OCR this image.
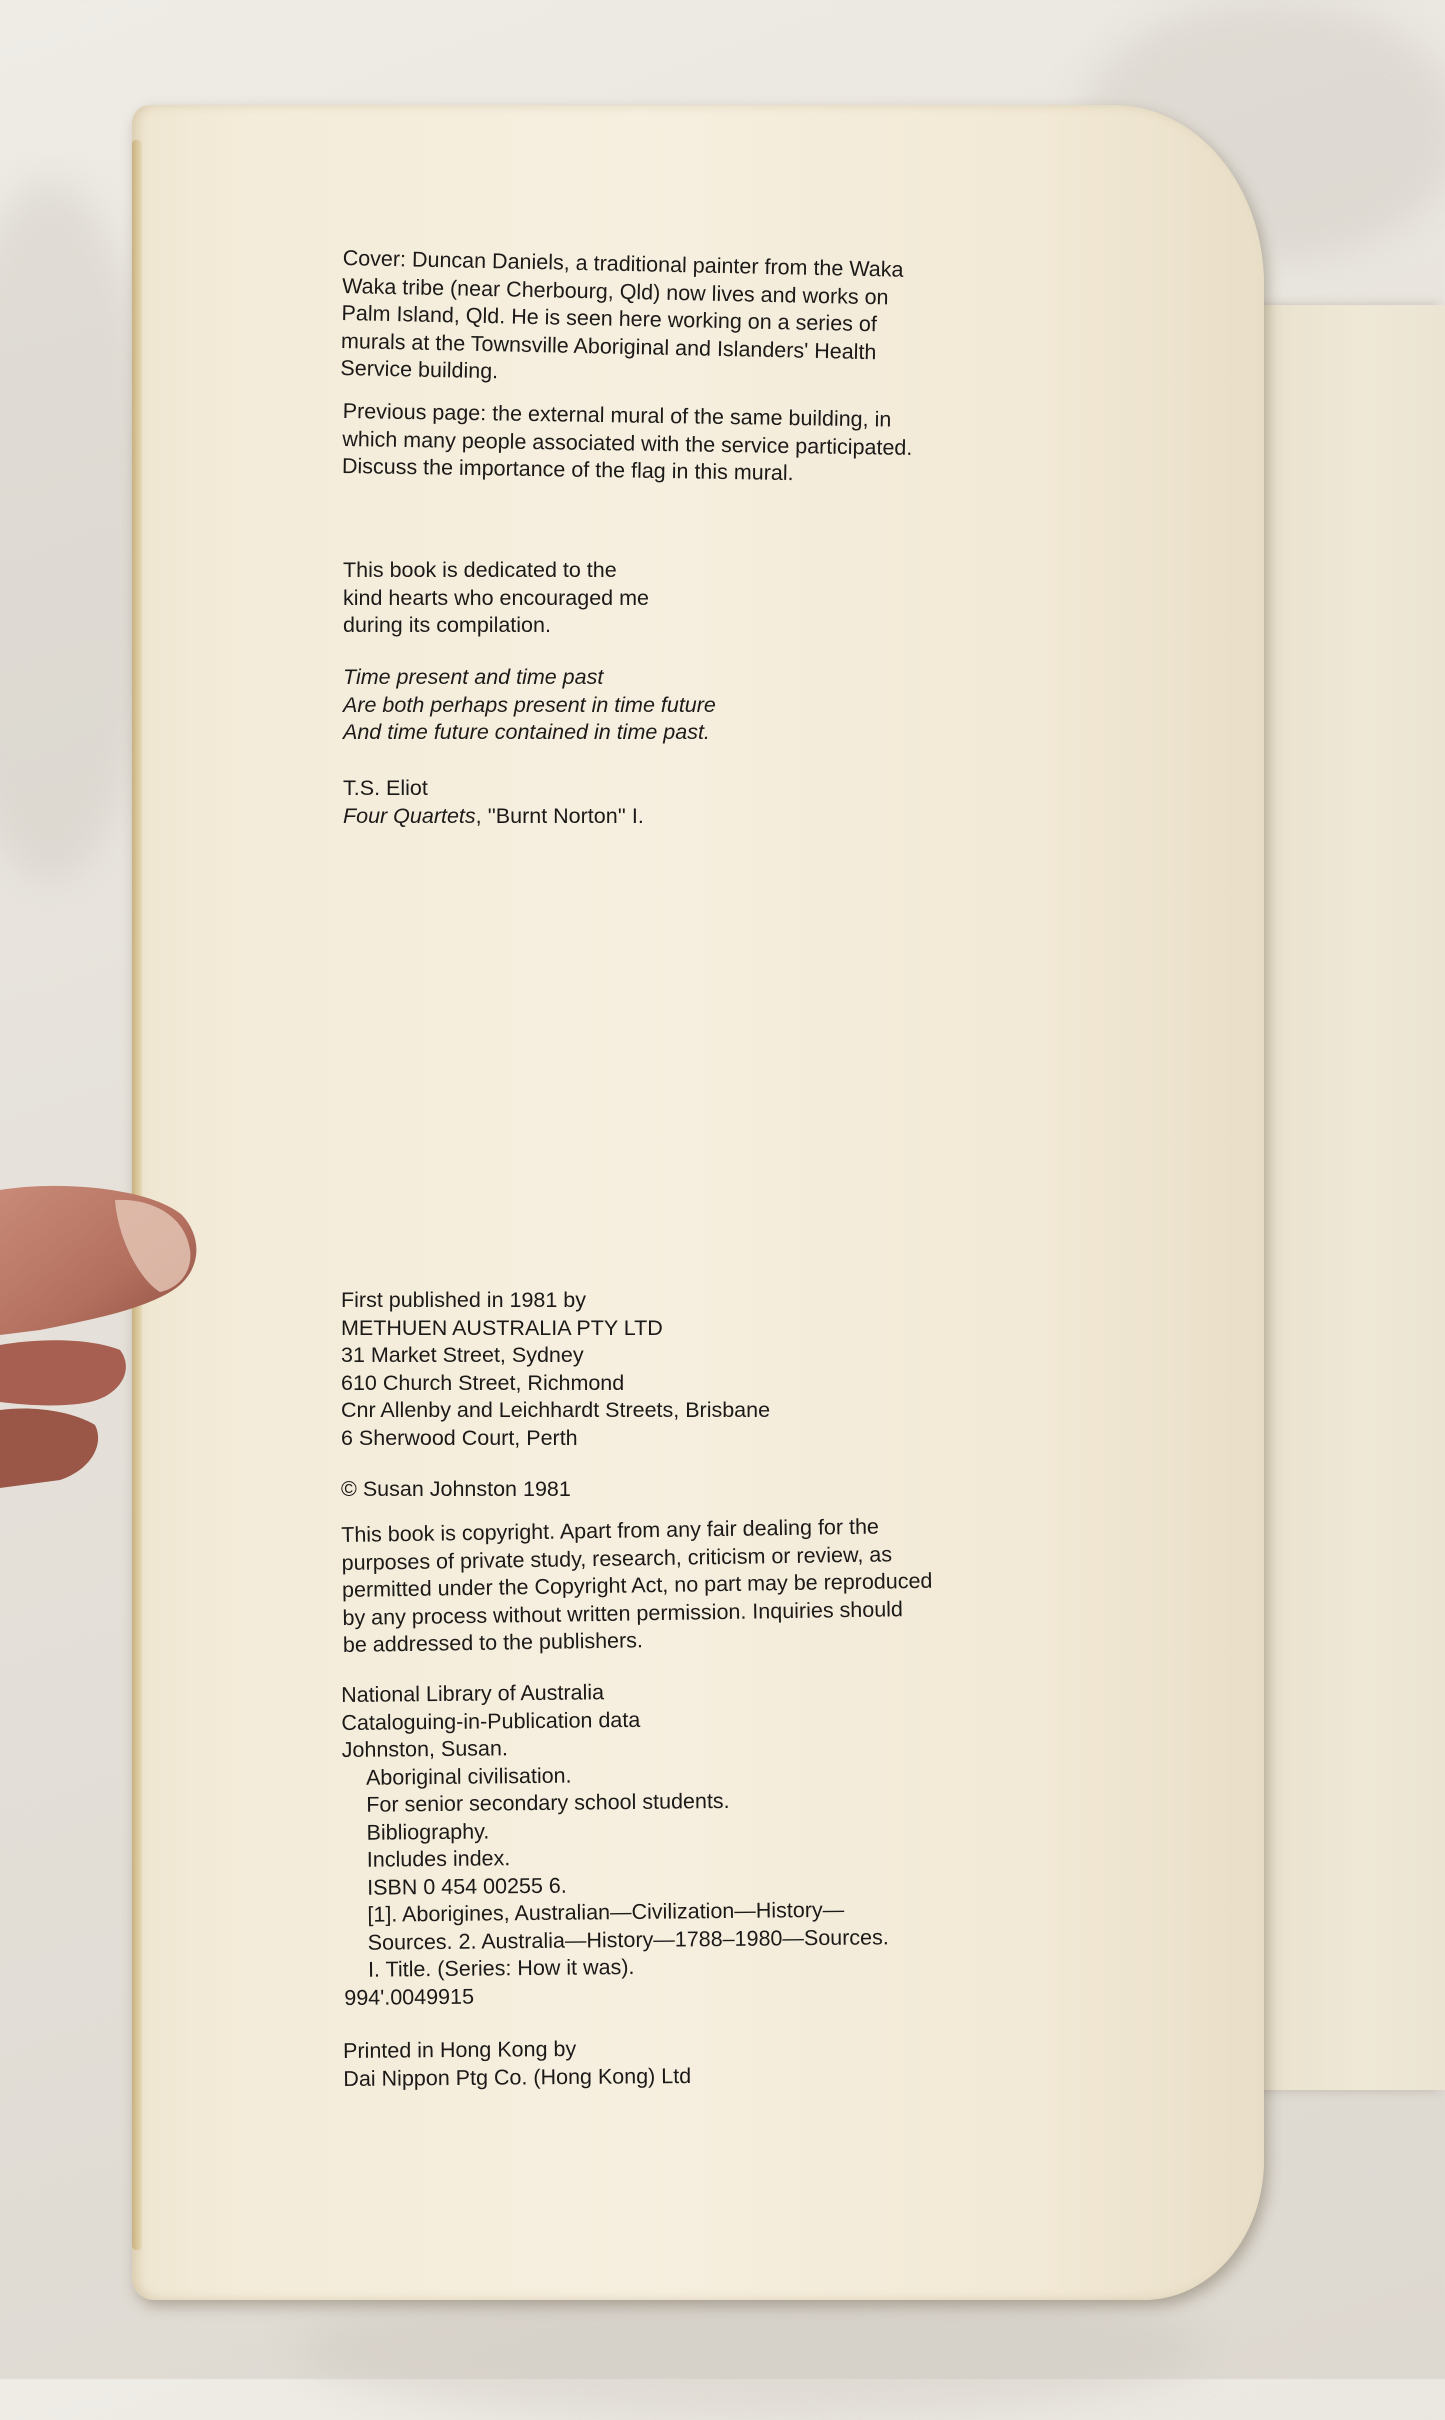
Cover: Duncan Daniels, a traditional painter from the Waka
Waka tribe (near Cherbourg, Qld) now lives and works on
Palm Island, Qld. He is seen here working on a series of
murals at the Townsville Aboriginal and Islanders' Health
Service building.
Previous page: the external mural of the same building, in
which many people associated with the service participated.
Discuss the importance of the flag in this mural.
This book is dedicated to the
kind hearts who encouraged me
during its compilation.
Time present and time past
Are both perhaps present in time future
And time future contained in time past.
T.S. Eliot
Four Quartets, ''Burnt Norton'' I.
First published in 1981 by
METHUEN AUSTRALIA PTY LTD
31 Market Street, Sydney
610 Church Street, Richmond
Cnr Allenby and Leichhardt Streets, Brisbane
6 Sherwood Court, Perth
© Susan Johnston 1981
This book is copyright. Apart from any fair dealing for the
purposes of private study, research, criticism or review, as
permitted under the Copyright Act, no part may be reproduced
by any process without written permission. Inquiries should
be addressed to the publishers.
National Library of Australia
Cataloguing-in-Publication data
Johnston, Susan.
Aboriginal civilisation.
For senior secondary school students.
Bibliography.
Includes index.
ISBN 0 454 00255 6.
[1]. Aborigines, Australian—Civilization—History—
Sources. 2. Australia—History—1788–1980—Sources.
I. Title. (Series: How it was).
994'.0049915
Printed in Hong Kong by
Dai Nippon Ptg Co. (Hong Kong) Ltd
